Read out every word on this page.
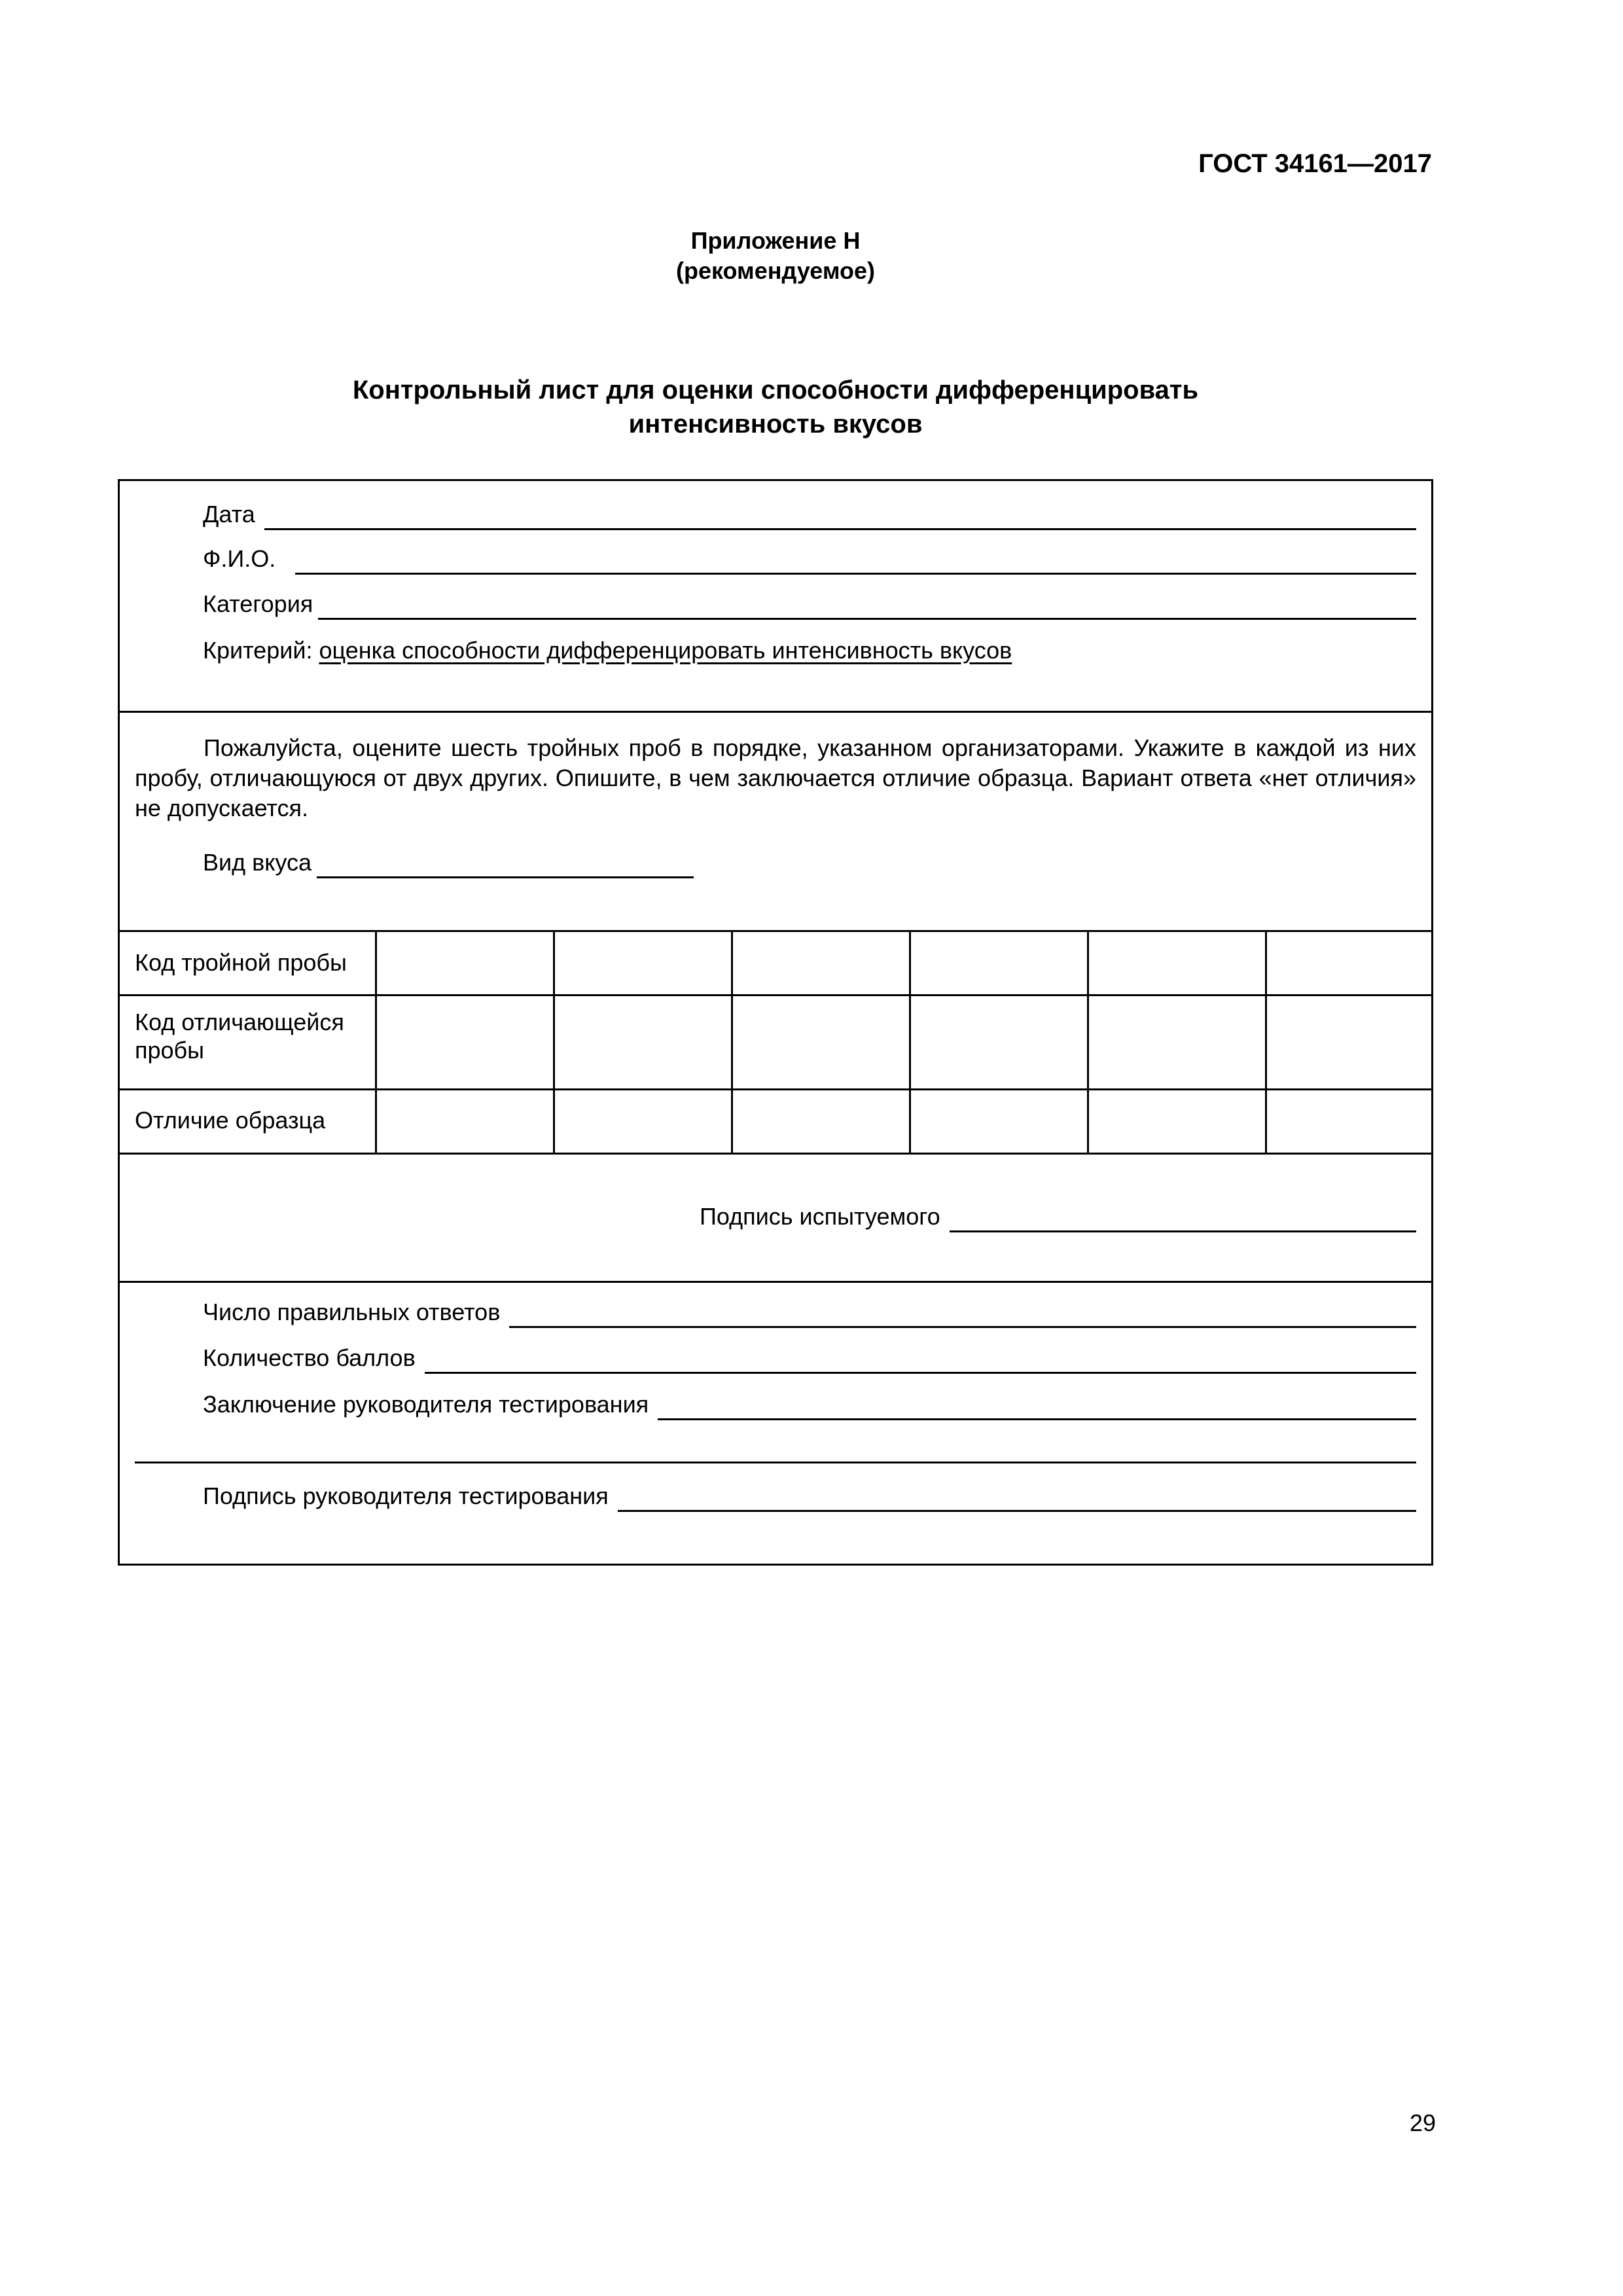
ГОСТ 34161—2017
Приложение Н
(рекомендуемое)
Контрольный лист для оценки способности дифференцировать
интенсивность вкусов
Дата
Ф.И.О.
Категория
Критерий: оценка способности дифференцировать интенсивность вкусов
Пожалуйста, оцените шесть тройных проб в порядке, указанном организаторами. Укажите в каждой из них пробу, отличающуюся от двух других. Опишите, в чем заключается отличие образца. Вариант ответа «нет отличия» не допускается.
Вид вкуса
Код тройной пробы
Код отличающейся пробы
Отличие образца
Подпись испытуемого
Число правильных ответов
Количество баллов
Заключение руководителя тестирования
Подпись руководителя тестирования
29
